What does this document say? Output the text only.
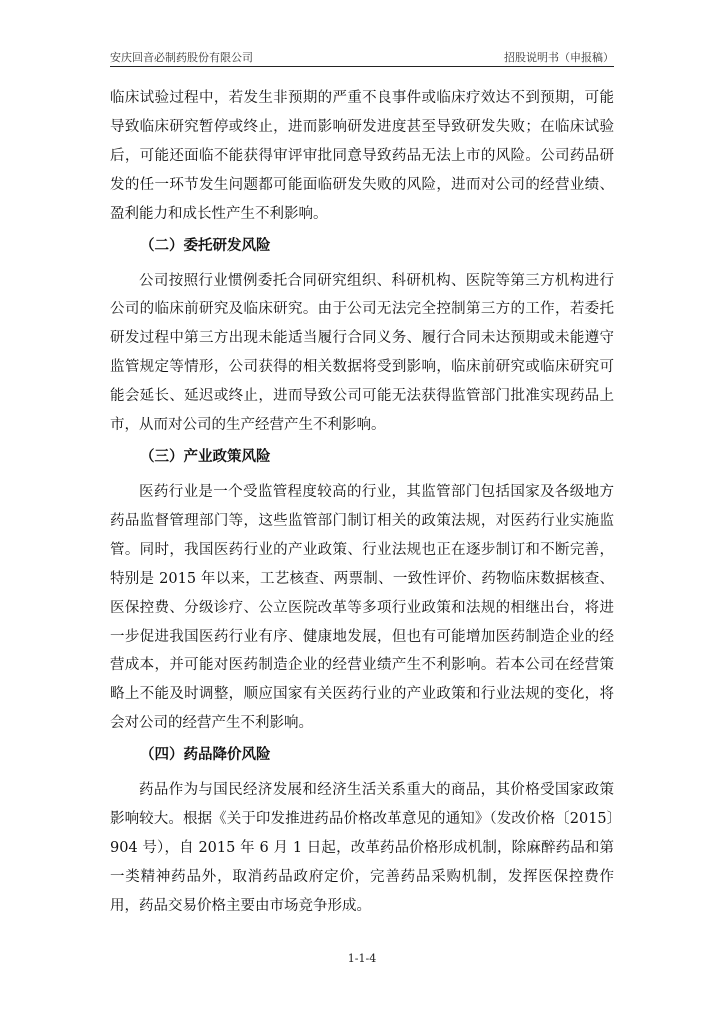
安庆回音必制药股份有限公司	招股说明书（申报稿）

临床试验过程中，若发生非预期的严重不良事件或临床疗效达不到预期，可能导致临床研究暂停或终止，进而影响研发进度甚至导致研发失败；在临床试验后，可能还面临不能获得审评审批同意导致药品无法上市的风险。公司药品研发的任一环节发生问题都可能面临研发失败的风险，进而对公司的经营业绩、盈利能力和成长性产生不利影响。

（二）委托研发风险

公司按照行业惯例委托合同研究组织、科研机构、医院等第三方机构进行公司的临床前研究及临床研究。由于公司无法完全控制第三方的工作，若委托研发过程中第三方出现未能适当履行合同义务、履行合同未达预期或未能遵守监管规定等情形，公司获得的相关数据将受到影响，临床前研究或临床研究可能会延长、延迟或终止，进而导致公司可能无法获得监管部门批准实现药品上市，从而对公司的生产经营产生不利影响。

（三）产业政策风险

医药行业是一个受监管程度较高的行业，其监管部门包括国家及各级地方药品监督管理部门等，这些监管部门制订相关的政策法规，对医药行业实施监管。同时，我国医药行业的产业政策、行业法规也正在逐步制订和不断完善，特别是 2015 年以来，工艺核查、两票制、一致性评价、药物临床数据核查、医保控费、分级诊疗、公立医院改革等多项行业政策和法规的相继出台，将进一步促进我国医药行业有序、健康地发展，但也有可能增加医药制造企业的经营成本，并可能对医药制造企业的经营业绩产生不利影响。若本公司在经营策略上不能及时调整，顺应国家有关医药行业的产业政策和行业法规的变化，将会对公司的经营产生不利影响。

（四）药品降价风险

药品作为与国民经济发展和经济生活关系重大的商品，其价格受国家政策影响较大。根据《关于印发推进药品价格改革意见的通知》（发改价格〔2015〕904 号），自 2015 年 6 月 1 日起，改革药品价格形成机制，除麻醉药品和第一类精神药品外，取消药品政府定价，完善药品采购机制，发挥医保控费作用，药品交易价格主要由市场竞争形成。

1-1-4
